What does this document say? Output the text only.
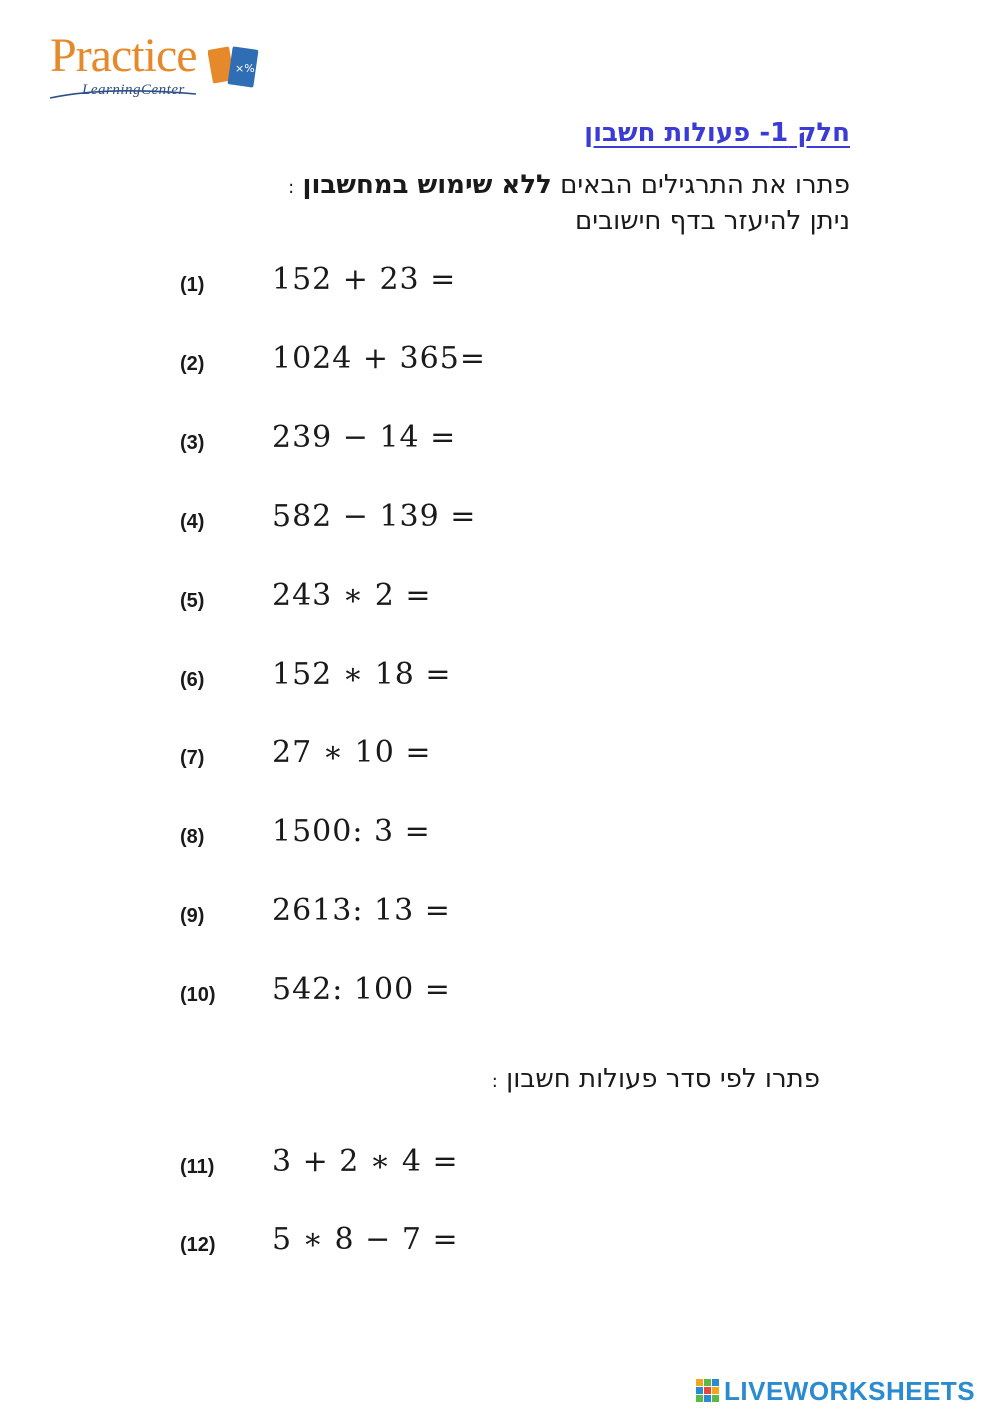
Practice
LearningCenter
×%
חלק 1- פעולות חשבון
פתרו את התרגילים הבאים ללא שימוש במחשבון :
ניתן להיעזר בדף חישובים
(1) 152 + 23 =
(2) 1024 + 365=
(3) 239 − 14 =
(4) 582 − 139 =
(5) 243 ∗ 2 =
(6) 152 ∗ 18 =
(7) 27 ∗ 10 =
(8) 1500: 3 =
(9) 2613: 13 =
(10) 542: 100 =
פתרו לפי סדר פעולות חשבון :
(11) 3 + 2 ∗ 4 =
(12) 5 ∗ 8 − 7 =
LIVEWORKSHEETS
